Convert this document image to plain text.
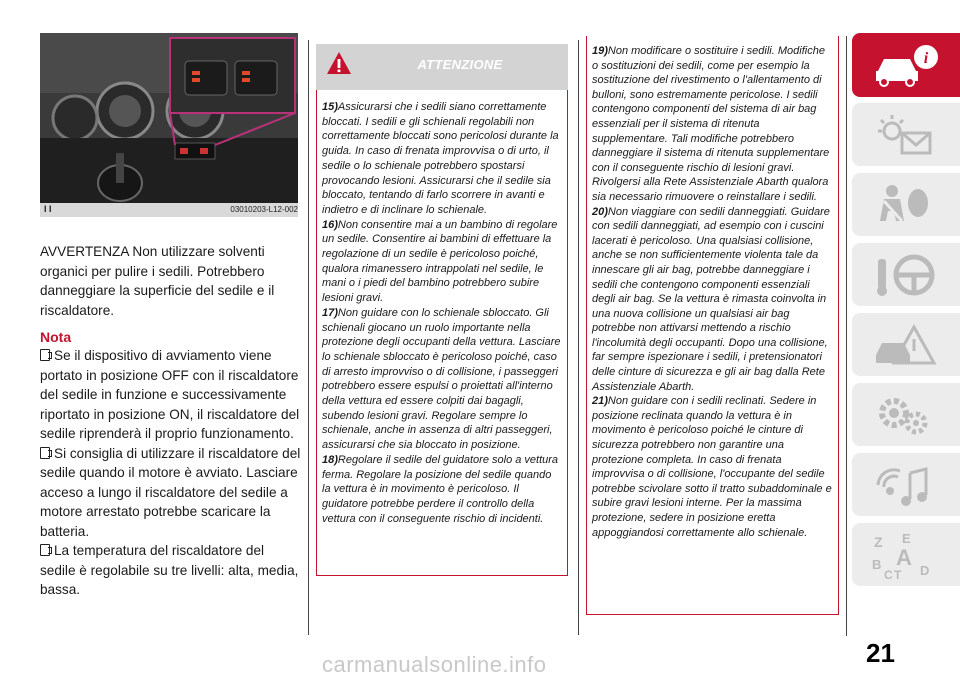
I I	03010203-L12-002

AVVERTENZA Non utilizzare solventi organici per pulire i sedili. Potrebbero danneggiare la superficie del sedile e il riscaldatore.

Nota

Se il dispositivo di avviamento viene portato in posizione OFF con il riscaldatore del sedile in funzione e successivamente riportato in posizione ON, il riscaldatore del sedile riprenderà il proprio funzionamento.

Si consiglia di utilizzare il riscaldatore del sedile quando il motore è avviato. Lasciare acceso a lungo il riscaldatore del sedile a motore arrestato potrebbe scaricare la batteria.

La temperatura del riscaldatore del sedile è regolabile su tre livelli: alta, media, bassa.

ATTENZIONE

15)Assicurarsi che i sedili siano correttamente bloccati. I sedili e gli schienali regolabili non correttamente bloccati sono pericolosi durante la guida. In caso di frenata improvvisa o di urto, il sedile o lo schienale potrebbero spostarsi provocando lesioni. Assicurarsi che il sedile sia bloccato, tentando di farlo scorrere in avanti e indietro e di inclinare lo schienale.

16)Non consentire mai a un bambino di regolare un sedile. Consentire ai bambini di effettuare la regolazione di un sedile è pericoloso poiché, qualora rimanessero intrappolati nel sedile, le mani o i piedi del bambino potrebbero subire lesioni gravi.

17)Non guidare con lo schienale sbloccato. Gli schienali giocano un ruolo importante nella protezione degli occupanti della vettura. Lasciare lo schienale sbloccato è pericoloso poiché, caso di arresto improvviso o di collisione, i passeggeri potrebbero essere espulsi o proiettati all'interno della vettura ed essere colpiti dai bagagli, subendo lesioni gravi. Regolare sempre lo schienale, anche in assenza di altri passeggeri, assicurarsi che sia bloccato in posizione.

18)Regolare il sedile del guidatore solo a vettura ferma. Regolare la posizione del sedile quando la vettura è in movimento è pericoloso. Il guidatore potrebbe perdere il controllo della vettura con il conseguente rischio di incidenti.

19)Non modificare o sostituire i sedili. Modifiche o sostituzioni dei sedili, come per esempio la sostituzione del rivestimento o l'allentamento di bulloni, sono estremamente pericolose. I sedili contengono componenti del sistema di air bag essenziali per il sistema di ritenuta supplementare. Tali modifiche potrebbero danneggiare il sistema di ritenuta supplementare con il conseguente rischio di lesioni gravi. Rivolgersi alla Rete Assistenziale Abarth qualora sia necessario rimuovere o reinstallare i sedili.

20)Non viaggiare con sedili danneggiati. Guidare con sedili danneggiati, ad esempio con i cuscini lacerati è pericoloso. Una qualsiasi collisione, anche se non sufficientemente violenta tale da innescare gli air bag, potrebbe danneggiare i sedili che contengono componenti essenziali degli air bag. Se la vettura è rimasta coinvolta in una nuova collisione un qualsiasi air bag potrebbe non attivarsi mettendo a rischio l'incolumità degli occupanti. Dopo una collisione, far sempre ispezionare i sedili, i pretensionatori delle cinture di sicurezza e gli air bag dalla Rete Assistenziale Abarth.

21)Non guidare con i sedili reclinati. Sedere in posizione reclinata quando la vettura è in movimento è pericoloso poiché le cinture di sicurezza potrebbero non garantire una protezione completa. In caso di frenata improvvisa o di collisione, l'occupante del sedile potrebbe scivolare sotto il tratto subaddominale e subire gravi lesioni interne. Per la massima protezione, sedere in posizione eretta appoggiandosi correttamente allo schienale.

i
Z E
B A
C T D
21
carmanualsonline.info
